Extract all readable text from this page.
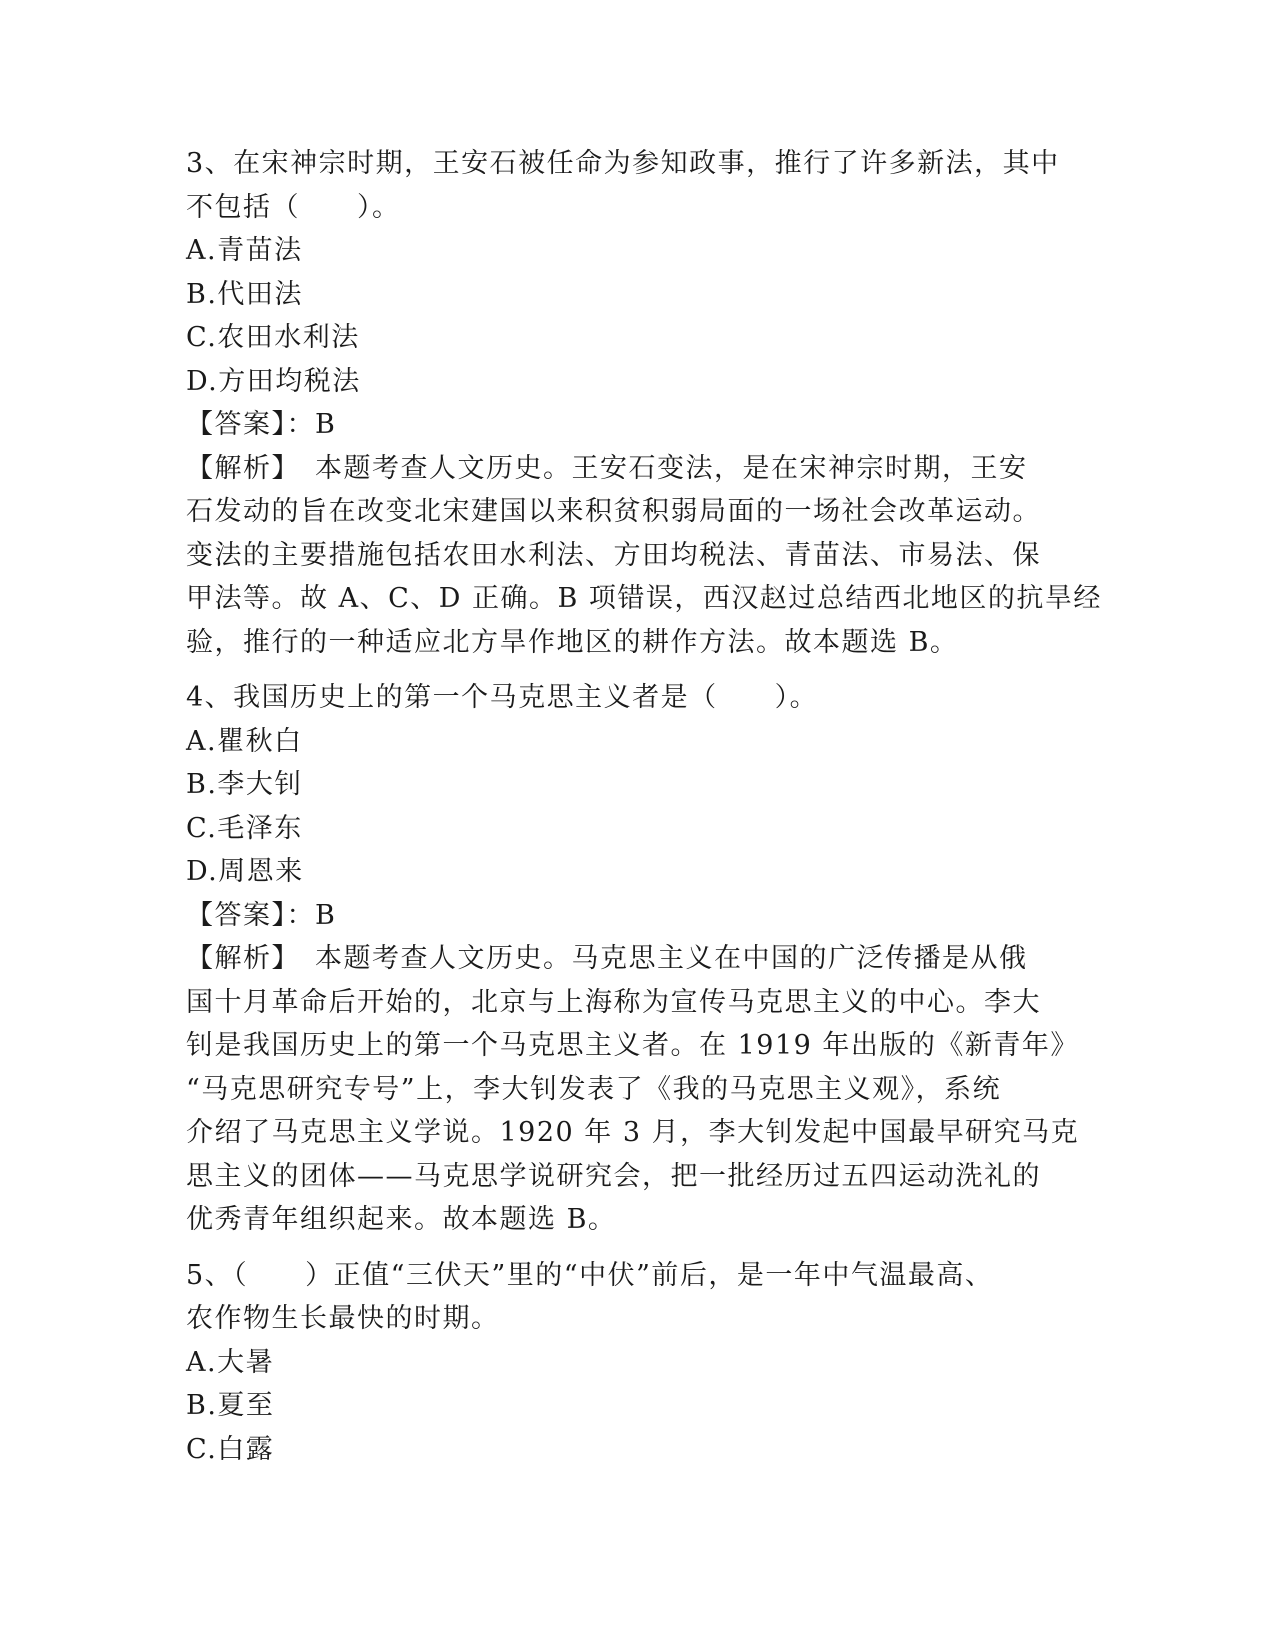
3、在宋神宗时期，王安石被任命为参知政事，推行了许多新法，其中
不包括（　　）。
A.青苗法
B.代田法
C.农田水利法
D.方田均税法
【答案】：B
【解析】　本题考查人文历史。王安石变法，是在宋神宗时期，王安
石发动的旨在改变北宋建国以来积贫积弱局面的一场社会改革运动。
变法的主要措施包括农田水利法、方田均税法、青苗法、市易法、保
甲法等。故 A、C、D 正确。B 项错误，西汉赵过总结西北地区的抗旱经
验，推行的一种适应北方旱作地区的耕作方法。故本题选 B。
4、我国历史上的第一个马克思主义者是（　　）。
A.瞿秋白
B.李大钊
C.毛泽东
D.周恩来
【答案】：B
【解析】　本题考查人文历史。马克思主义在中国的广泛传播是从俄
国十月革命后开始的，北京与上海称为宣传马克思主义的中心。李大
钊是我国历史上的第一个马克思主义者。在 1919 年出版的《新青年》
“马克思研究专号”上，李大钊发表了《我的马克思主义观》，系统
介绍了马克思主义学说。1920 年 3 月，李大钊发起中国最早研究马克
思主义的团体——马克思学说研究会，把一批经历过五四运动洗礼的
优秀青年组织起来。故本题选 B。
5、（　　）正值“三伏天”里的“中伏”前后，是一年中气温最高、
农作物生长最快的时期。
A.大暑
B.夏至
C.白露
